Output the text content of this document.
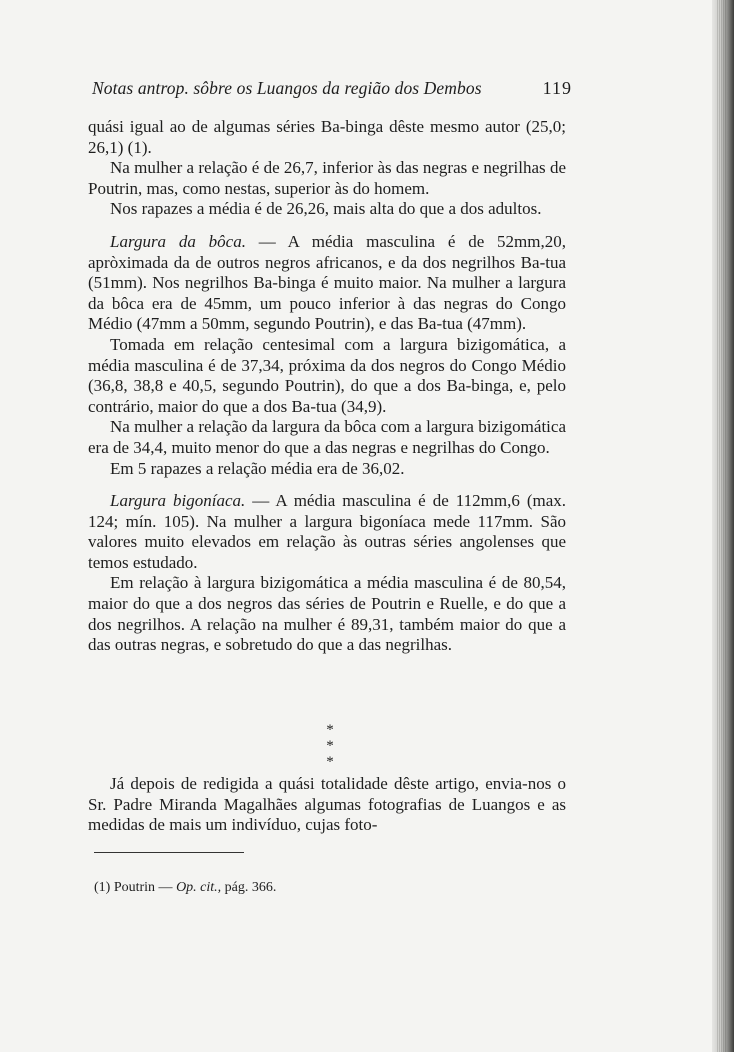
Notas antrop. sôbre os Luangos da região dos Dembos	119

quási igual ao de algumas séries Ba-binga dêste mesmo autor (25,0; 26,1) (1).

Na mulher a relação é de 26,7, inferior às das negras e negrilhas de Poutrin, mas, como nestas, superior às do homem.

Nos rapazes a média é de 26,26, mais alta do que a dos adultos.

Largura da bôca. — A média masculina é de 52mm,20, apròximada da de outros negros africanos, e da dos negrilhos Ba-tua (51mm). Nos negrilhos Ba-binga é muito maior. Na mulher a largura da bôca era de 45mm, um pouco inferior à das negras do Congo Médio (47mm a 50mm, segundo Poutrin), e das Ba-tua (47mm).

Tomada em relação centesimal com a largura bizigomática, a média masculina é de 37,34, próxima da dos negros do Congo Médio (36,8, 38,8 e 40,5, segundo Poutrin), do que a dos Ba-binga, e, pelo contrário, maior do que a dos Ba-tua (34,9).

Na mulher a relação da largura da bôca com a largura bizigomática era de 34,4, muito menor do que a das negras e negrilhas do Congo.

Em 5 rapazes a relação média era de 36,02.

Largura bigoníaca. — A média masculina é de 112mm,6 (max. 124; mín. 105). Na mulher a largura bigoníaca mede 117mm. São valores muito elevados em relação às outras séries angolenses que temos estudado.

Em relação à largura bizigomática a média masculina é de 80,54, maior do que a dos negros das séries de Poutrin e Ruelle, e do que a dos negrilhos. A relação na mulher é 89,31, também maior do que a das outras negras, e sobretudo do que a das negrilhas.

*
* *

Já depois de redigida a quási totalidade dêste artigo, envia-nos o Sr. Padre Miranda Magalhães algumas fotografias de Luangos e as medidas de mais um indivíduo, cujas foto-

(1) Poutrin — Op. cit., pág. 366.
